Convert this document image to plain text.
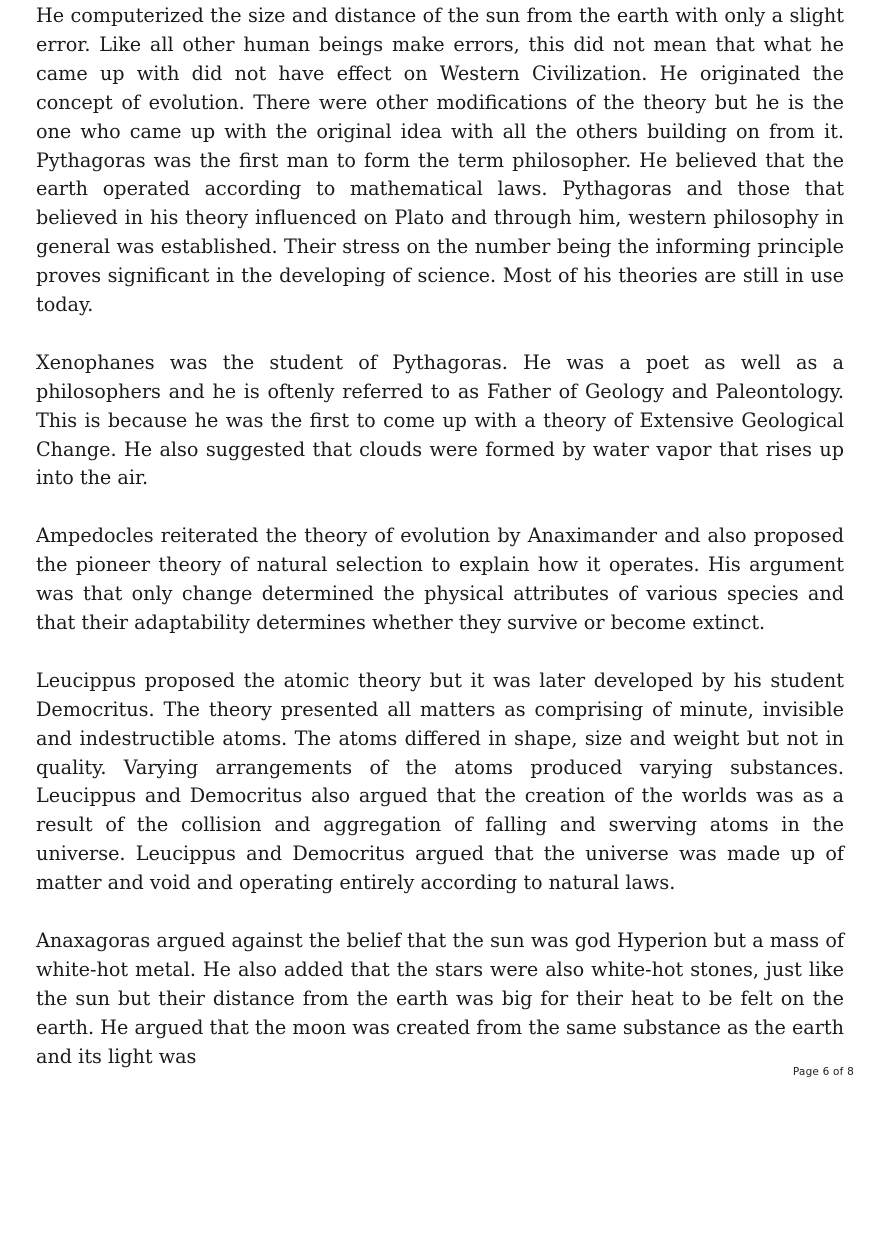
He computerized the size and distance of the sun from the earth with only a slight error. Like all other human beings make errors, this did not mean that what he came up with did not have effect on Western Civilization. He originated the concept of evolution. There were other modifications of the theory but he is the one who came up with the original idea with all the others building on from it. Pythagoras was the first man to form the term philosopher. He believed that the earth operated according to mathematical laws. Pythagoras and those that believed in his theory influenced on Plato and through him, western philosophy in general was established. Their stress on the number being the informing principle proves significant in the developing of science. Most of his theories are still in use today.

Xenophanes was the student of Pythagoras. He was a poet as well as a philosophers and he is oftenly referred to as Father of Geology and Paleontology. This is because he was the first to come up with a theory of Extensive Geological Change. He also suggested that clouds were formed by water vapor that rises up into the air.

Ampedocles reiterated the theory of evolution by Anaximander and also proposed the pioneer theory of natural selection to explain how it operates. His argument was that only change determined the physical attributes of various species and that their adaptability determines whether they survive or become extinct.

Leucippus proposed the atomic theory but it was later developed by his student Democritus. The theory presented all matters as comprising of minute, invisible and indestructible atoms. The atoms differed in shape, size and weight but not in quality. Varying arrangements of the atoms produced varying substances. Leucippus and Democritus also argued that the creation of the worlds was as a result of the collision and aggregation of falling and swerving atoms in the universe. Leucippus and Democritus argued that the universe was made up of matter and void and operating entirely according to natural laws.

Anaxagoras argued against the belief that the sun was god Hyperion but a mass of white-hot metal. He also added that the stars were also white-hot stones, just like the sun but their distance from the earth was big for their heat to be felt on the earth. He argued that the moon was created from the same substance as the earth and its light was

Page 6 of 8
